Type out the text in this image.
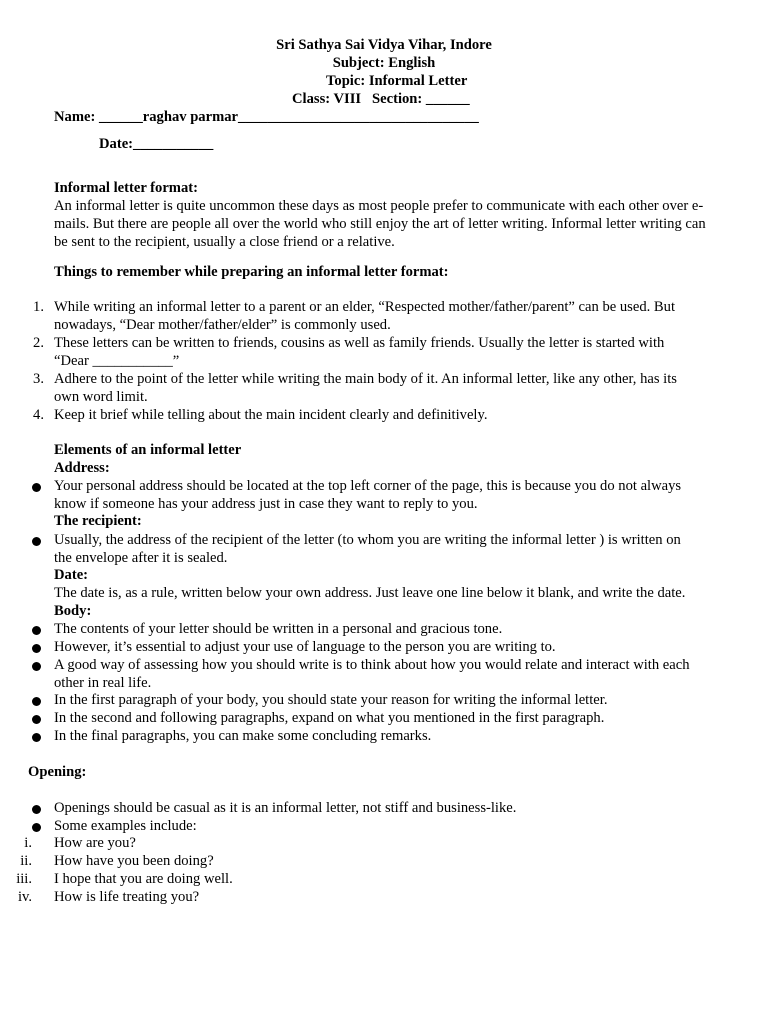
Sri Sathya Sai Vidya Vihar, Indore
Subject: English
Topic: Informal Letter
Class: VIII   Section: ______
Name: ______raghav parmar_________________________________
Date:___________
Informal letter format:
An informal letter is quite uncommon these days as most people prefer to communicate with each other over e-mails. But there are people all over the world who still enjoy the art of letter writing. Informal letter writing can be sent to the recipient, usually a close friend or a relative.
Things to remember while preparing an informal letter format:
1. While writing an informal letter to a parent or an elder, “Respected mother/father/parent” can be used. But
nowadays, “Dear mother/father/elder” is commonly used.
2. These letters can be written to friends, cousins as well as family friends. Usually the letter is started with
“Dear ___________”
3. Adhere to the point of the letter while writing the main body of it. An informal letter, like any other, has its
own word limit.
4. Keep it brief while telling about the main incident clearly and definitively.
Elements of an informal letter
Address:
Your personal address should be located at the top left corner of the page, this is because you do not always
know if someone has your address just in case they want to reply to you.
The recipient:
Usually, the address of the recipient of the letter (to whom you are writing the informal letter ) is written on
the envelope after it is sealed.
Date:
The date is, as a rule, written below your own address. Just leave one line below it blank, and write the date.
Body:
The contents of your letter should be written in a personal and gracious tone.
However, it’s essential to adjust your use of language to the person you are writing to.
A good way of assessing how you should write is to think about how you would relate and interact with each
other in real life.
In the first paragraph of your body, you should state your reason for writing the informal letter.
In the second and following paragraphs, expand on what you mentioned in the first paragraph.
In the final paragraphs, you can make some concluding remarks.
Opening:
Openings should be casual as it is an informal letter, not stiff and business-like.
Some examples include:
i. How are you?
ii. How have you been doing?
iii. I hope that you are doing well.
iv. How is life treating you?
